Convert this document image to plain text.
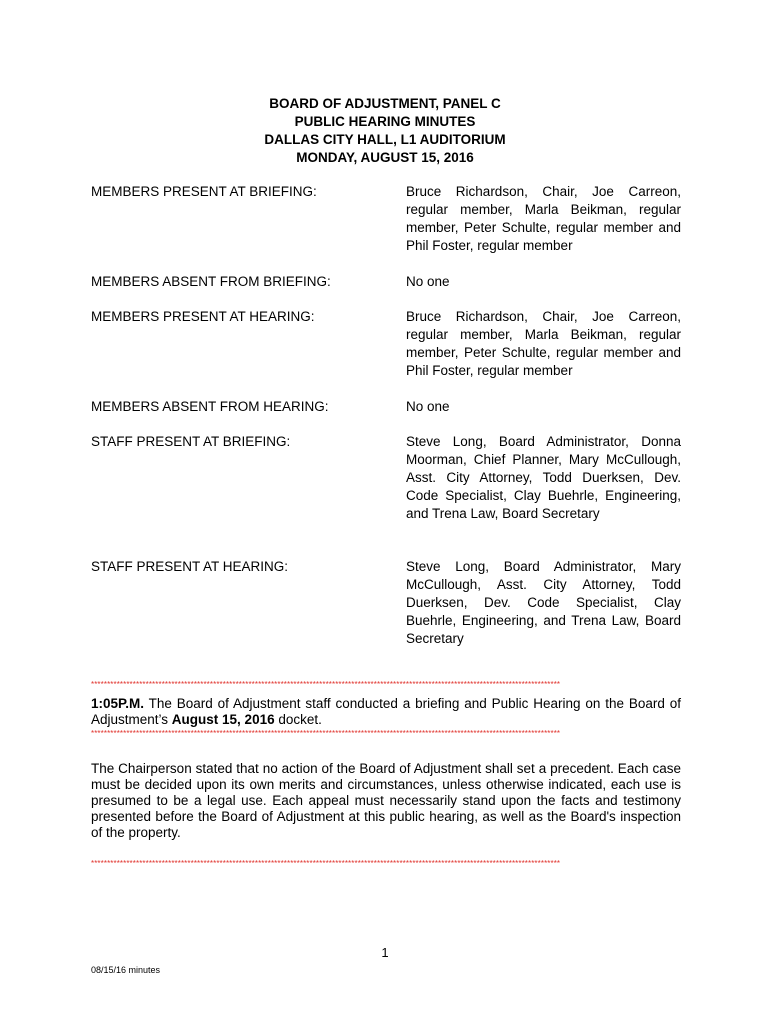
BOARD OF ADJUSTMENT, PANEL C
PUBLIC HEARING MINUTES
DALLAS CITY HALL, L1 AUDITORIUM
MONDAY, AUGUST 15, 2016
MEMBERS PRESENT AT BRIEFING:	Bruce Richardson, Chair, Joe Carreon, regular member, Marla Beikman, regular member, Peter Schulte, regular member and Phil Foster, regular member
MEMBERS ABSENT FROM BRIEFING:	No one
MEMBERS PRESENT AT HEARING:	Bruce Richardson, Chair, Joe Carreon, regular member, Marla Beikman, regular member, Peter Schulte, regular member and Phil Foster, regular member
MEMBERS ABSENT FROM HEARING:	No one
STAFF PRESENT AT BRIEFING:	Steve Long, Board Administrator, Donna Moorman, Chief Planner, Mary McCullough, Asst. City Attorney, Todd Duerksen, Dev. Code Specialist, Clay Buehrle, Engineering, and Trena Law, Board Secretary
STAFF PRESENT AT HEARING:	Steve Long, Board Administrator, Mary McCullough, Asst. City Attorney, Todd Duerksen, Dev. Code Specialist, Clay Buehrle, Engineering, and Trena Law, Board Secretary
**************************************************************************************************************************************************
1:05P.M. The Board of Adjustment staff conducted a briefing and Public Hearing on the Board of Adjustment’s August 15, 2016 docket.
**************************************************************************************************************************************************
The Chairperson stated that no action of the Board of Adjustment shall set a precedent. Each case must be decided upon its own merits and circumstances, unless otherwise indicated, each use is presumed to be a legal use. Each appeal must necessarily stand upon the facts and testimony presented before the Board of Adjustment at this public hearing, as well as the Board's inspection of the property.
**************************************************************************************************************************************************
1
08/15/16 minutes
